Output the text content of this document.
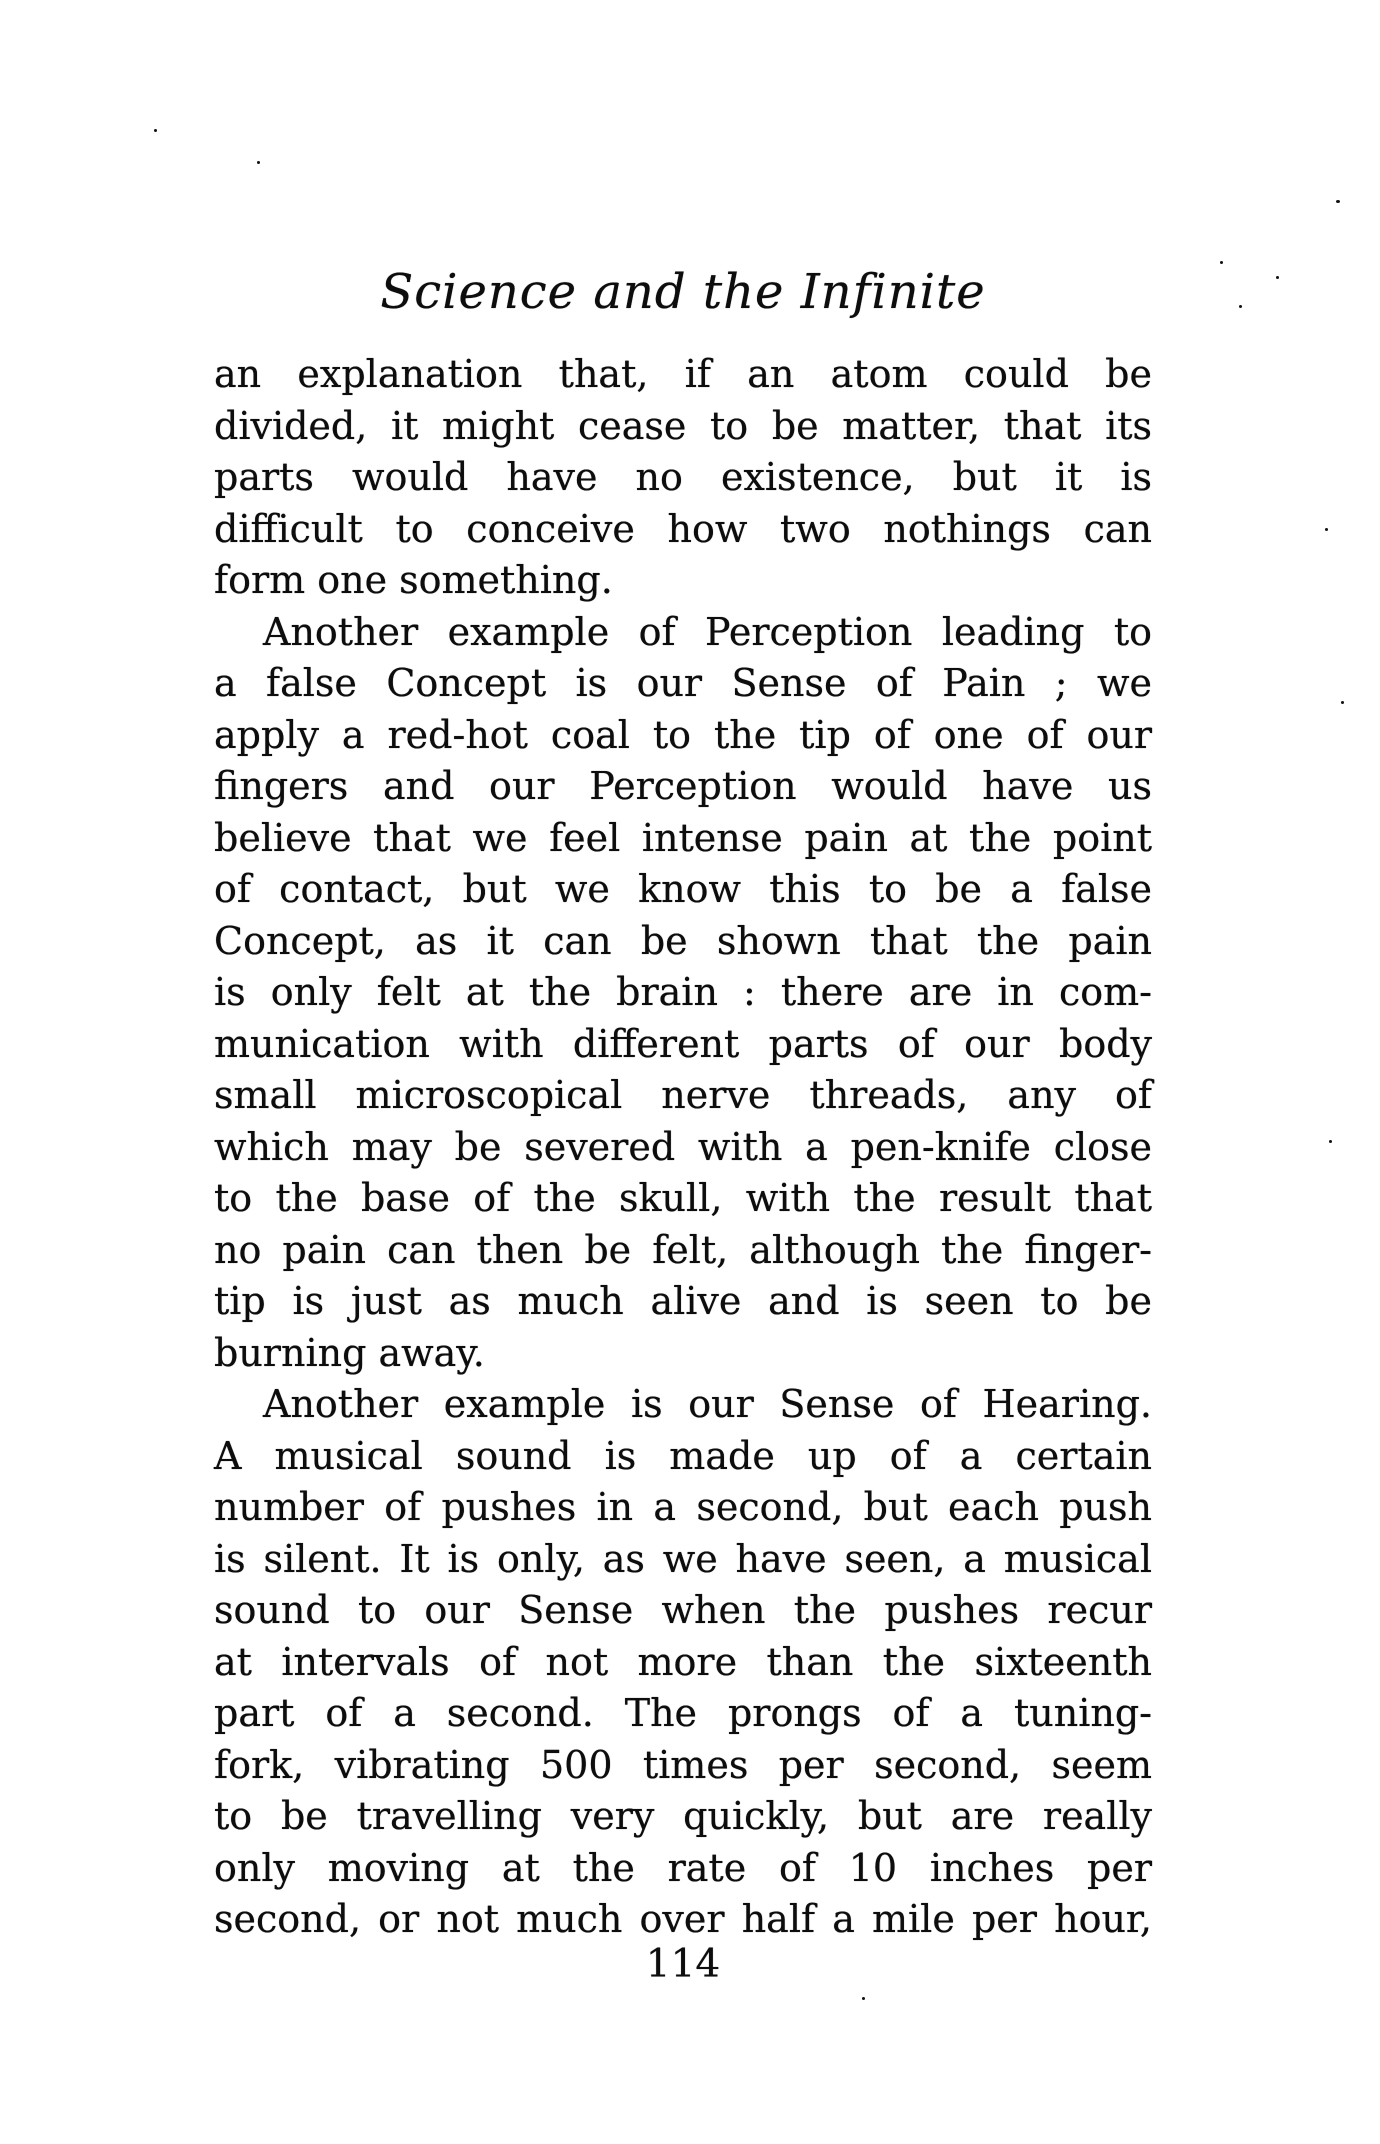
Science and the Infinite
an explanation that, if an atom could be
divided, it might cease to be matter, that its
parts would have no existence, but it is
difficult to conceive how two nothings can
form one something.
Another example of Perception leading to
a false Concept is our Sense of Pain ; we
apply a red-hot coal to the tip of one of our
fingers and our Perception would have us
believe that we feel intense pain at the point
of contact, but we know this to be a false
Concept, as it can be shown that the pain
is only felt at the brain : there are in com-
munication with different parts of our body
small microscopical nerve threads, any of
which may be severed with a pen-knife close
to the base of the skull, with the result that
no pain can then be felt, although the finger-
tip is just as much alive and is seen to be
burning away.
Another example is our Sense of Hearing.
A musical sound is made up of a certain
number of pushes in a second, but each push
is silent. It is only, as we have seen, a musical
sound to our Sense when the pushes recur
at intervals of not more than the sixteenth
part of a second. The prongs of a tuning-
fork, vibrating 500 times per second, seem
to be travelling very quickly, but are really
only moving at the rate of 10 inches per
second, or not much over half a mile per hour,
114
